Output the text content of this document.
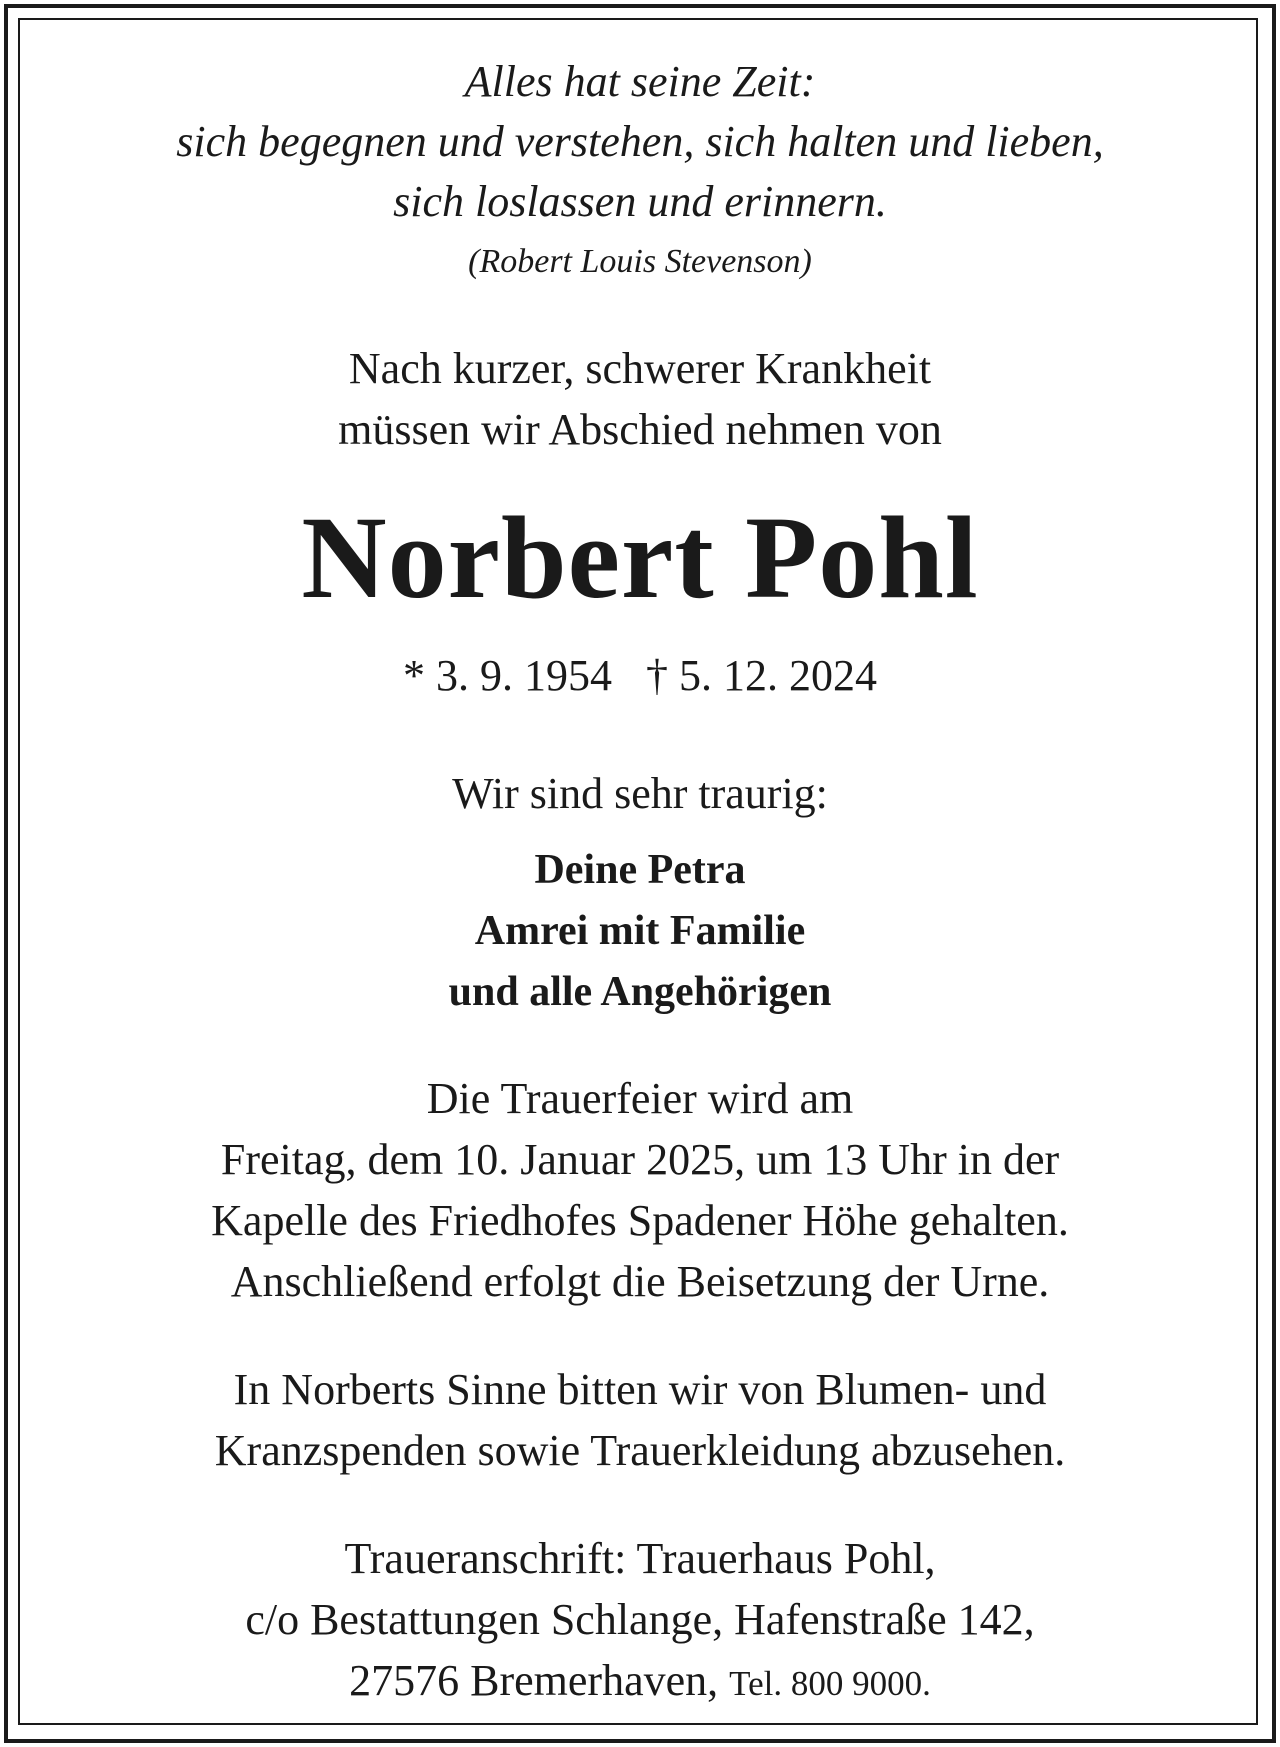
Alles hat seine Zeit:
sich begegnen und verstehen, sich halten und lieben,
sich loslassen und erinnern.
(Robert Louis Stevenson)
Nach kurzer, schwerer Krankheit
müssen wir Abschied nehmen von
Norbert Pohl
* 3. 9. 1954 † 5. 12. 2024
Wir sind sehr traurig:
Deine Petra
Amrei mit Familie
und alle Angehörigen
Die Trauerfeier wird am
Freitag, dem 10. Januar 2025, um 13 Uhr in der
Kapelle des Friedhofes Spadener Höhe gehalten.
Anschließend erfolgt die Beisetzung der Urne.
In Norberts Sinne bitten wir von Blumen- und
Kranzspenden sowie Trauerkleidung abzusehen.
Traueranschrift: Trauerhaus Pohl,
c/o Bestattungen Schlange, Hafenstraße 142,
27576 Bremerhaven, Tel. 800 9000.
